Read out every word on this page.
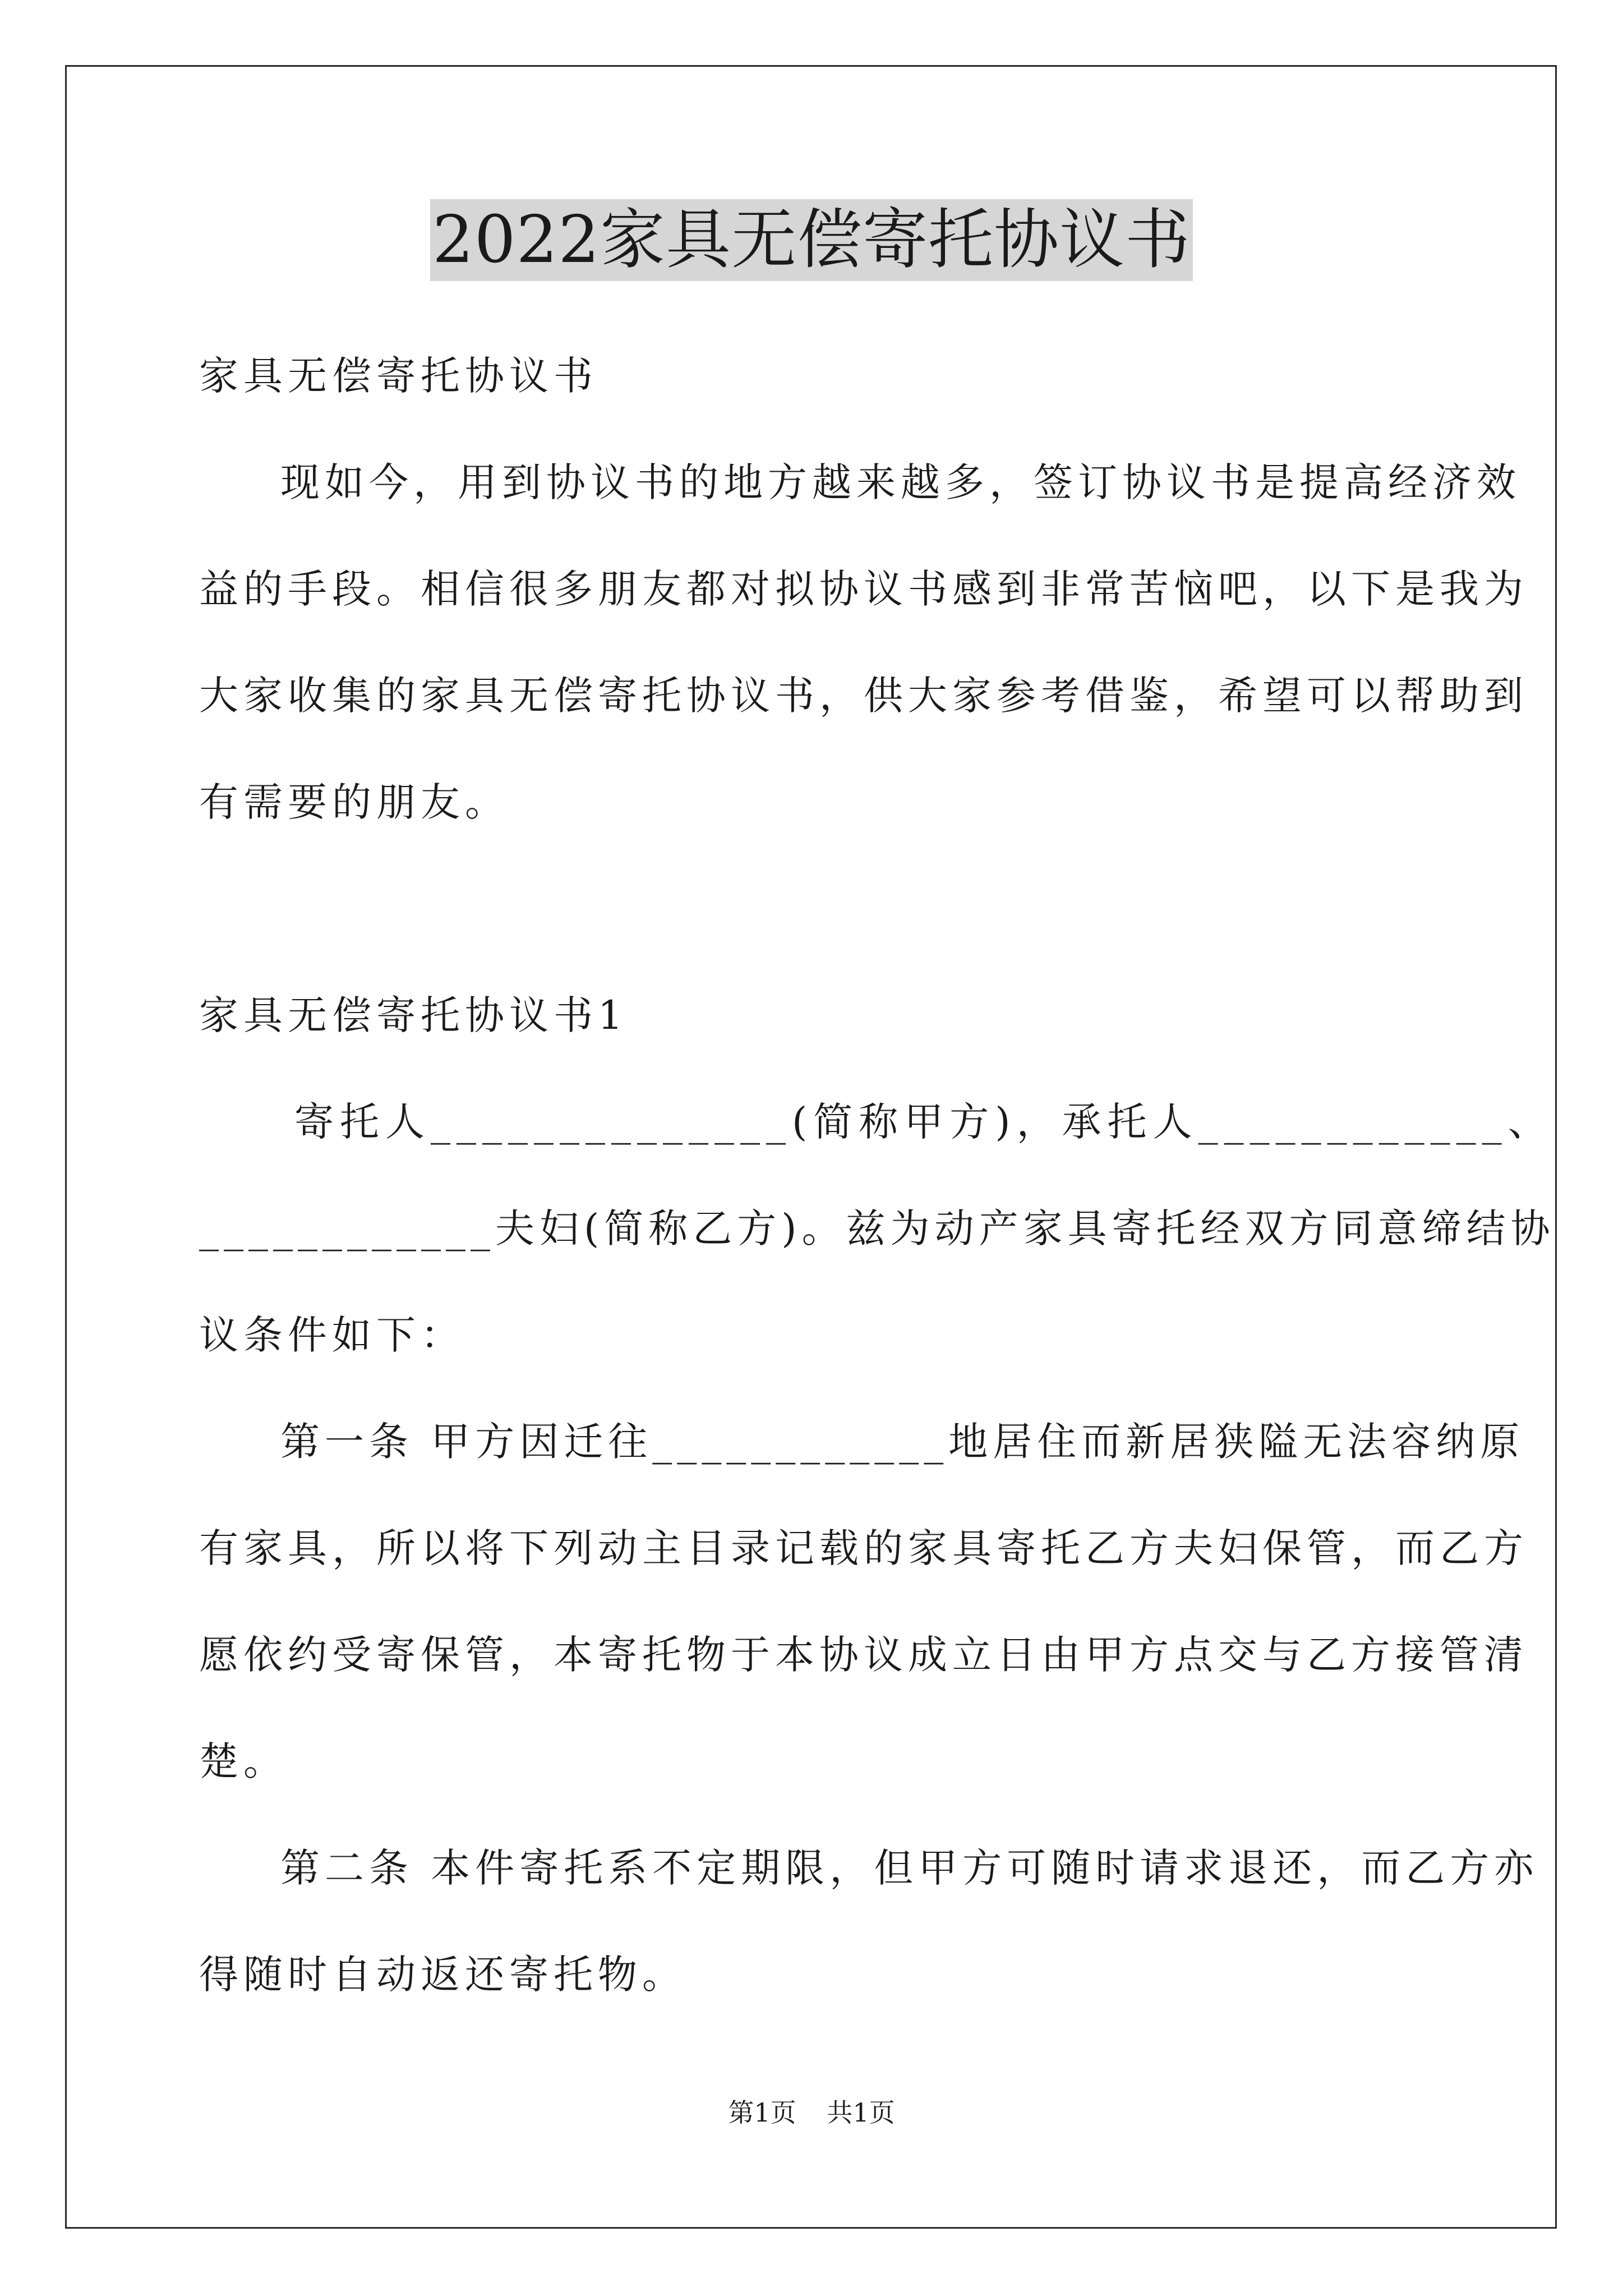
2022家具无偿寄托协议书
家具无偿寄托协议书
现如今，用到协议书的地方越来越多，签订协议书是提高经济效
益的手段。相信很多朋友都对拟协议书感到非常苦恼吧，以下是我为
大家收集的家具无偿寄托协议书，供大家参考借鉴，希望可以帮助到
有需要的朋友。
家具无偿寄托协议书1
寄托人______________(简称甲方)，承托人____________、
____________夫妇(简称乙方)。兹为动产家具寄托经双方同意缔结协
议条件如下：
第一条 甲方因迁往____________地居住而新居狭隘无法容纳原
有家具，所以将下列动主目录记载的家具寄托乙方夫妇保管，而乙方
愿依约受寄保管，本寄托物于本协议成立日由甲方点交与乙方接管清
楚。
第二条 本件寄托系不定期限，但甲方可随时请求退还，而乙方亦
得随时自动返还寄托物。
第1页 共1页
